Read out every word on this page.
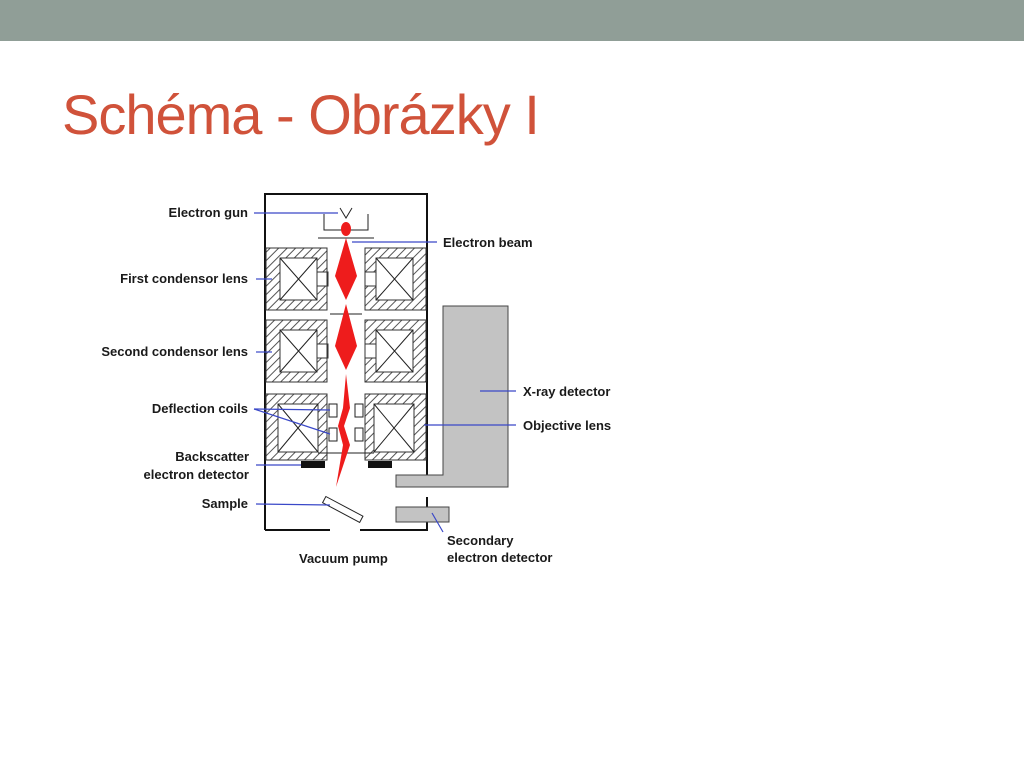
Schéma - Obrázky I
Electron gun
Electron beam
First condensor lens
Second condensor lens
Deflection coils
Backscatter
electron detector
Sample
Vacuum pump
X-ray detector
Objective lens
Secondary
electron detector
